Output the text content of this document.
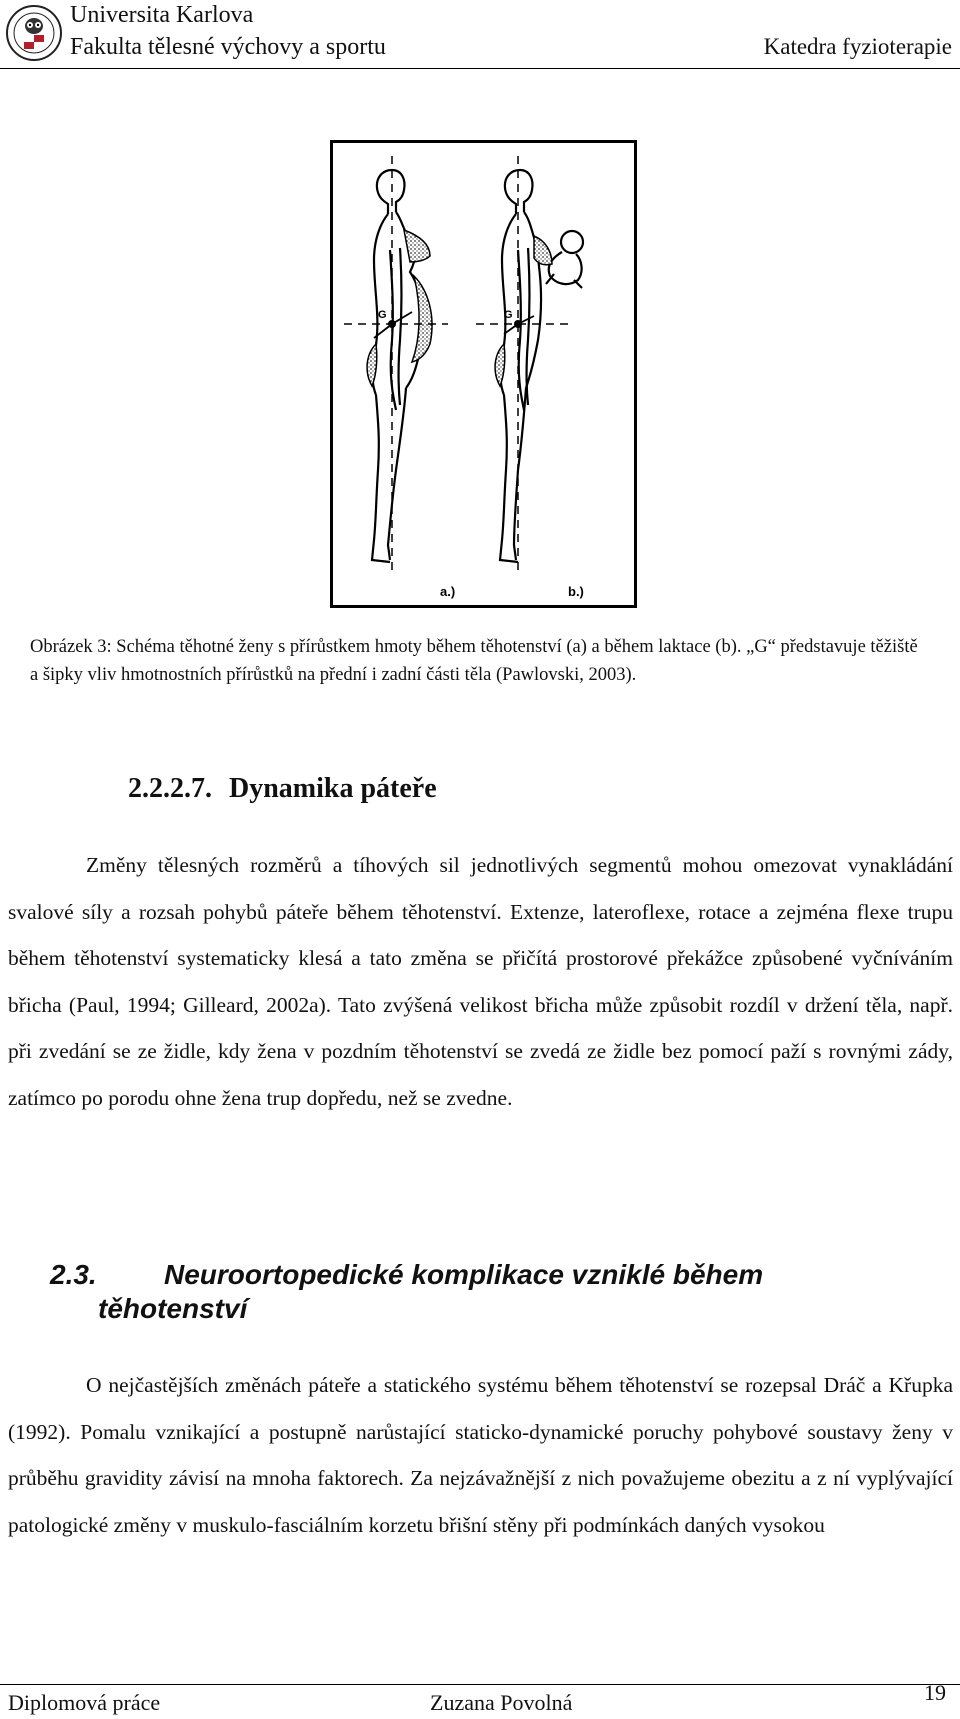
Universita Karlova
Fakulta tělesné výchovy a sportu	Katedra fyzioterapie
G	G
a.)	b.)
Obrázek 3: Schéma těhotné ženy s přírůstkem hmoty během těhotenství (a) a během laktace (b). „G“ představuje těžiště a šipky vliv hmotnostních přírůstků na přední i zadní části těla (Pawlovski, 2003).
2.2.2.7. Dynamika páteře

Změny tělesných rozměrů a tíhových sil jednotlivých segmentů mohou omezovat vynakládání svalové síly a rozsah pohybů páteře během těhotenství. Extenze, lateroflexe, rotace a zejména flexe trupu během těhotenství systematicky klesá a tato změna se přičítá prostorové překážce způsobené vyčníváním břicha (Paul, 1994; Gilleard, 2002a). Tato zvýšená velikost břicha může způsobit rozdíl v držení těla, např. při zvedání se ze židle, kdy žena v pozdním těhotenství se zvedá ze židle bez pomocí paží s rovnými zády, zatímco po porodu ohne žena trup dopředu, než se zvedne.

2.3. Neuroortopedické komplikace vzniklé během
těhotenství

O nejčastějších změnách páteře a statického systému během těhotenství se rozepsal Dráč a Křupka (1992). Pomalu vznikající a postupně narůstající staticko-dynamické poruchy pohybové soustavy ženy v průběhu gravidity závisí na mnoha faktorech. Za nejzávažnější z nich považujeme obezitu a z ní vyplývající patologické změny v muskulo-fasciálním korzetu břišní stěny při podmínkách daných vysokou

Diplomová práce	Zuzana Povolná	19
